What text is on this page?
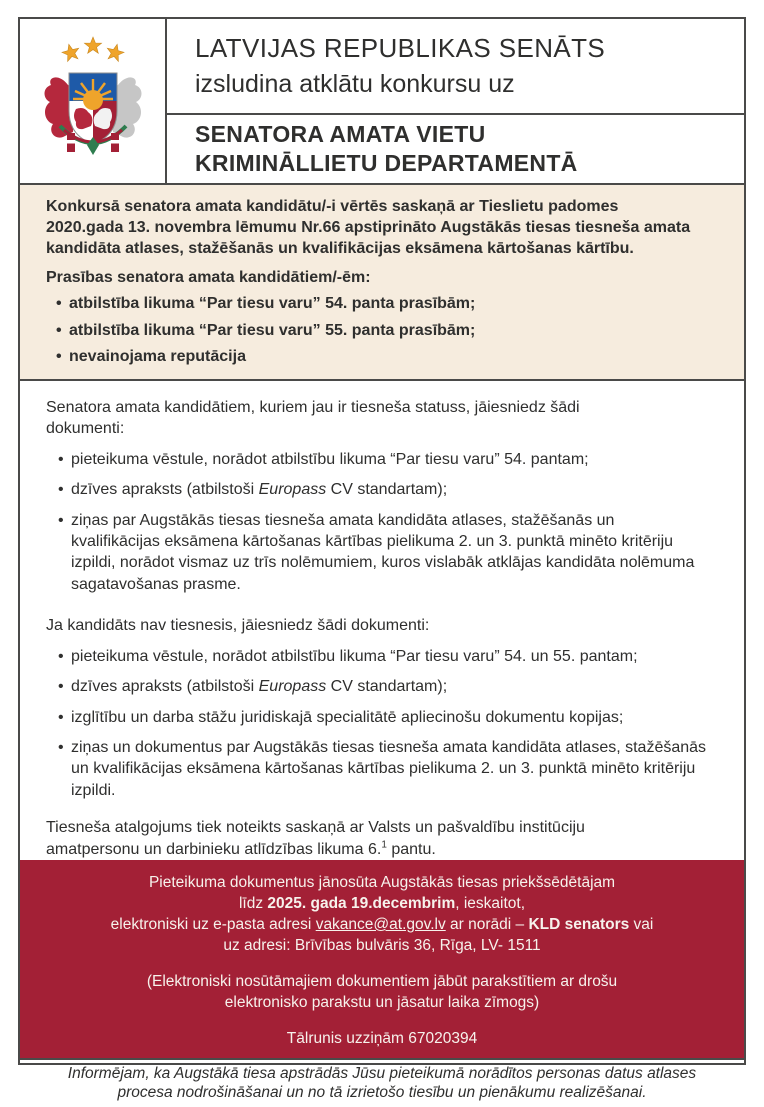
LATVIJAS REPUBLIKAS SENĀTS
izsludina atklātu konkursu uz
SENATORA AMATA VIETU
KRIMINĀLLIETU DEPARTAMENTĀ
Konkursā senatora amata kandidātu/-i vērtēs saskaņā ar Tieslietu padomes 2020.gada 13. novembra lēmumu Nr.66 apstiprināto Augstākās tiesas tiesneša amata kandidāta atlases, stažēšanās un kvalifikācijas eksāmena kārtošanas kārtību.
Prasības senatora amata kandidātiem/-ēm:
• atbilstība likuma “Par tiesu varu” 54. panta prasībām;
• atbilstība likuma “Par tiesu varu” 55. panta prasībām;
• nevainojama reputācija
Senatora amata kandidātiem, kuriem jau ir tiesneša statuss, jāiesniedz šādi dokumenti:
• pieteikuma vēstule, norādot atbilstību likuma “Par tiesu varu” 54. pantam;
• dzīves apraksts (atbilstoši Europass CV standartam);
• ziņas par Augstākās tiesas tiesneša amata kandidāta atlases, stažēšanās un kvalifikācijas eksāmena kārtošanas kārtības pielikuma 2. un 3. punktā minēto kritēriju izpildi, norādot vismaz uz trīs nolēmumiem, kuros vislabāk atklājas kandidāta nolēmuma sagatavošanas prasme.
Ja kandidāts nav tiesnesis, jāiesniedz šādi dokumenti:
• pieteikuma vēstule, norādot atbilstību likuma “Par tiesu varu” 54. un 55. pantam;
• dzīves apraksts (atbilstoši Europass CV standartam);
• izglītību un darba stāžu juridiskajā specialitātē apliecinošu dokumentu kopijas;
• ziņas un dokumentus par Augstākās tiesas tiesneša amata kandidāta atlases, stažēšanās un kvalifikācijas eksāmena kārtošanas kārtības pielikuma 2. un 3. punktā minēto kritēriju izpildi.
Tiesneša atalgojums tiek noteikts saskaņā ar Valsts un pašvaldību institūciju amatpersonu un darbinieku atlīdzības likuma 6.$^1$ pantu.
Pieteikuma dokumentus jānosūta Augstākās tiesas priekšsēdētājam
līdz 2025. gada 19.decembrim, ieskaitot,
elektroniski uz e-pasta adresi vakance@at.gov.lv ar norādi – KLD senators vai
uz adresi: Brīvības bulvāris 36, Rīga, LV- 1511
(Elektroniski nosūtāmajiem dokumentiem jābūt parakstītiem ar drošu
elektronisko parakstu un jāsatur laika zīmogs)
Tālrunis uzziņām 67020394
Informējam, ka Augstākā tiesa apstrādās Jūsu pieteikumā norādītos personas datus atlases procesa nodrošināšanai un no tā izrietošo tiesību un pienākumu realizēšanai.
